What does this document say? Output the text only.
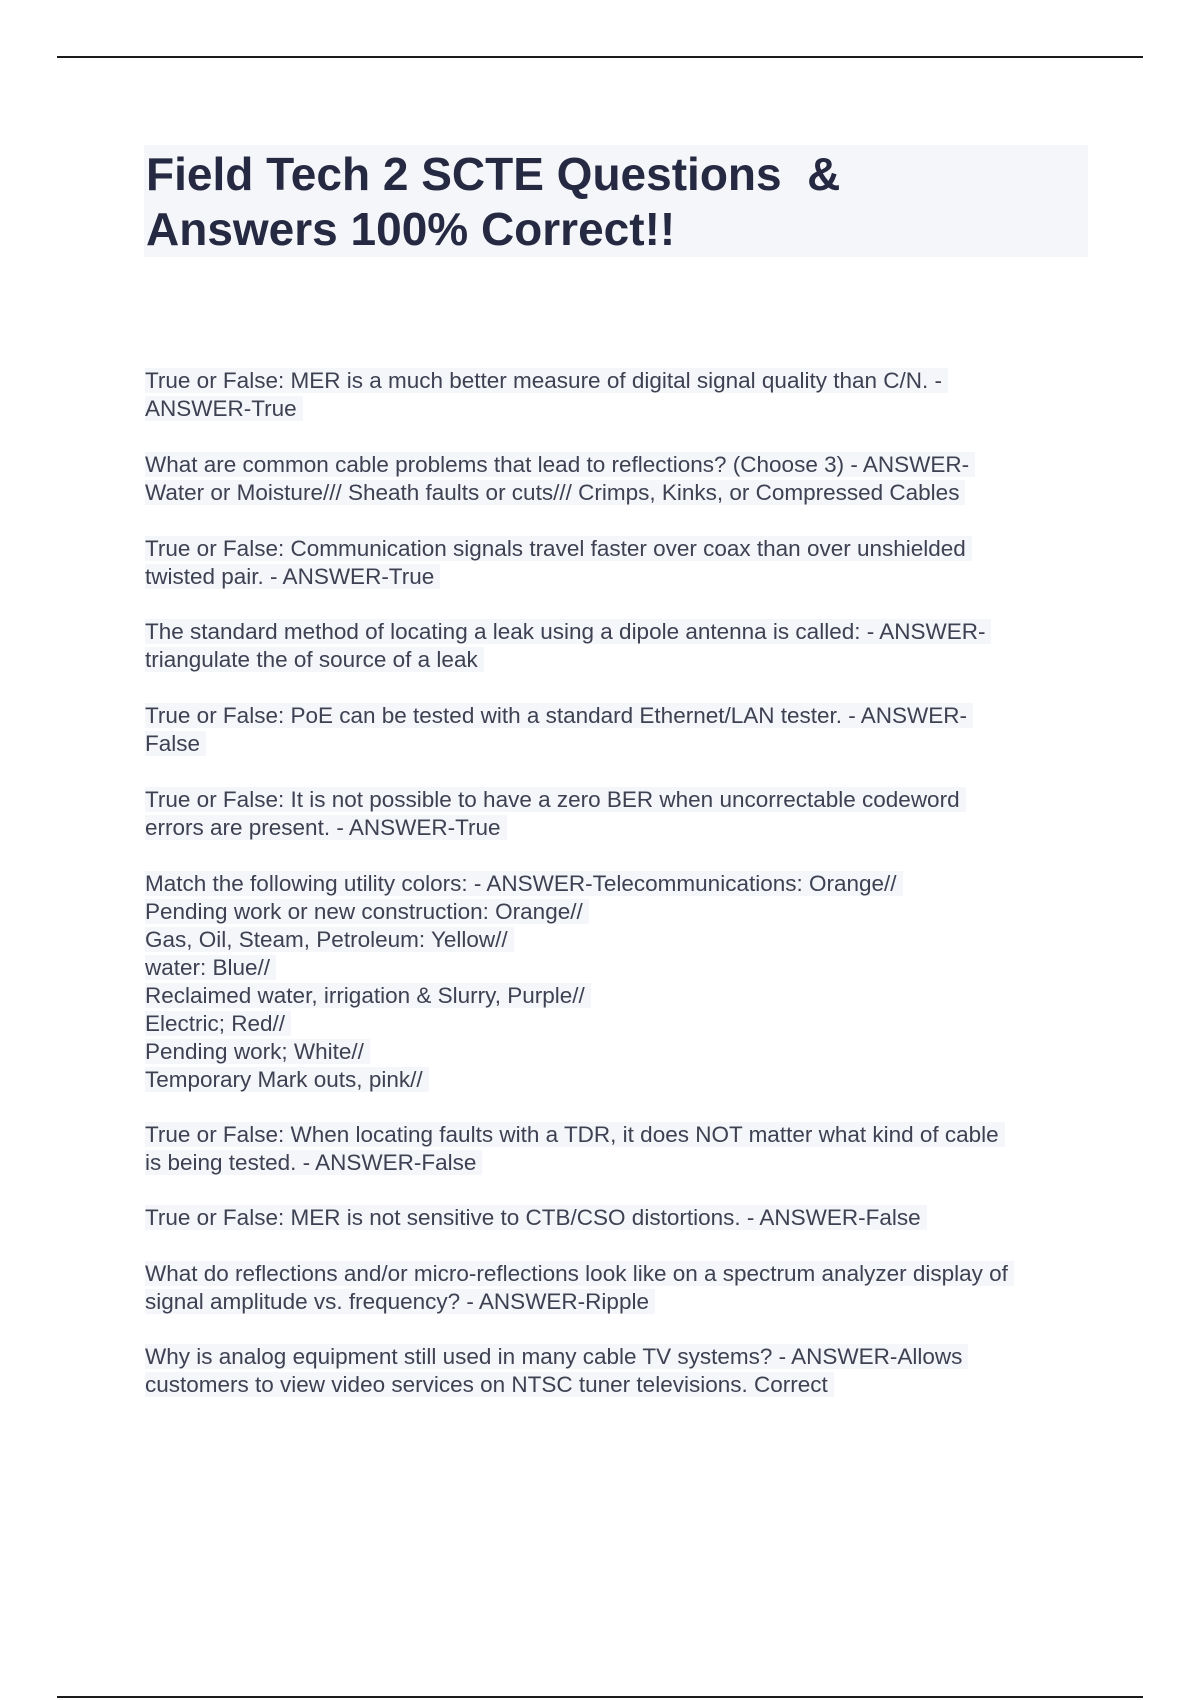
Field Tech 2 SCTE Questions  &
Answers 100% Correct!!
True or False: MER is a much better measure of digital signal quality than C/N. -
ANSWER-True
What are common cable problems that lead to reflections? (Choose 3) - ANSWER-
Water or Moisture/// Sheath faults or cuts/// Crimps, Kinks, or Compressed Cables
True or False: Communication signals travel faster over coax than over unshielded
twisted pair. - ANSWER-True
The standard method of locating a leak using a dipole antenna is called: - ANSWER-
triangulate the of source of a leak
True or False: PoE can be tested with a standard Ethernet/LAN tester. - ANSWER-
False
True or False: It is not possible to have a zero BER when uncorrectable codeword
errors are present. - ANSWER-True
Match the following utility colors: - ANSWER-Telecommunications: Orange//
Pending work or new construction: Orange//
Gas, Oil, Steam, Petroleum: Yellow//
water: Blue//
Reclaimed water, irrigation & Slurry, Purple//
Electric; Red//
Pending work; White//
Temporary Mark outs, pink//
True or False: When locating faults with a TDR, it does NOT matter what kind of cable
is being tested. - ANSWER-False
True or False: MER is not sensitive to CTB/CSO distortions. - ANSWER-False
What do reflections and/or micro-reflections look like on a spectrum analyzer display of
signal amplitude vs. frequency? - ANSWER-Ripple
Why is analog equipment still used in many cable TV systems? - ANSWER-Allows
customers to view video services on NTSC tuner televisions. Correct
